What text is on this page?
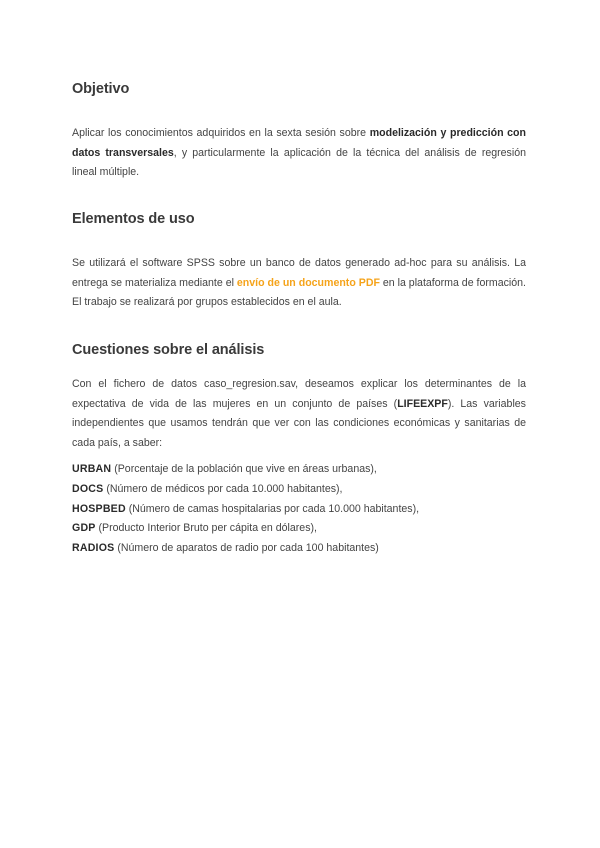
Objetivo

Aplicar los conocimientos adquiridos en la sexta sesión sobre modelización y predicción con datos transversales, y particularmente la aplicación de la técnica del análisis de regresión lineal múltiple.

Elementos de uso

Se utilizará el software SPSS sobre un banco de datos generado ad-hoc para su análisis. La entrega se materializa mediante el envío de un documento PDF en la plataforma de formación. El trabajo se realizará por grupos establecidos en el aula.

Cuestiones sobre el análisis

Con el fichero de datos caso_regresion.sav, deseamos explicar los determinantes de la expectativa de vida de las mujeres en un conjunto de países (LIFEEXPF). Las variables independientes que usamos tendrán que ver con las condiciones económicas y sanitarias de cada país, a saber:

URBAN (Porcentaje de la población que vive en áreas urbanas),
DOCS (Número de médicos por cada 10.000 habitantes),
HOSPBED (Número de camas hospitalarias por cada 10.000 habitantes),
GDP (Producto Interior Bruto per cápita en dólares),
RADIOS (Número de aparatos de radio por cada 100 habitantes)
